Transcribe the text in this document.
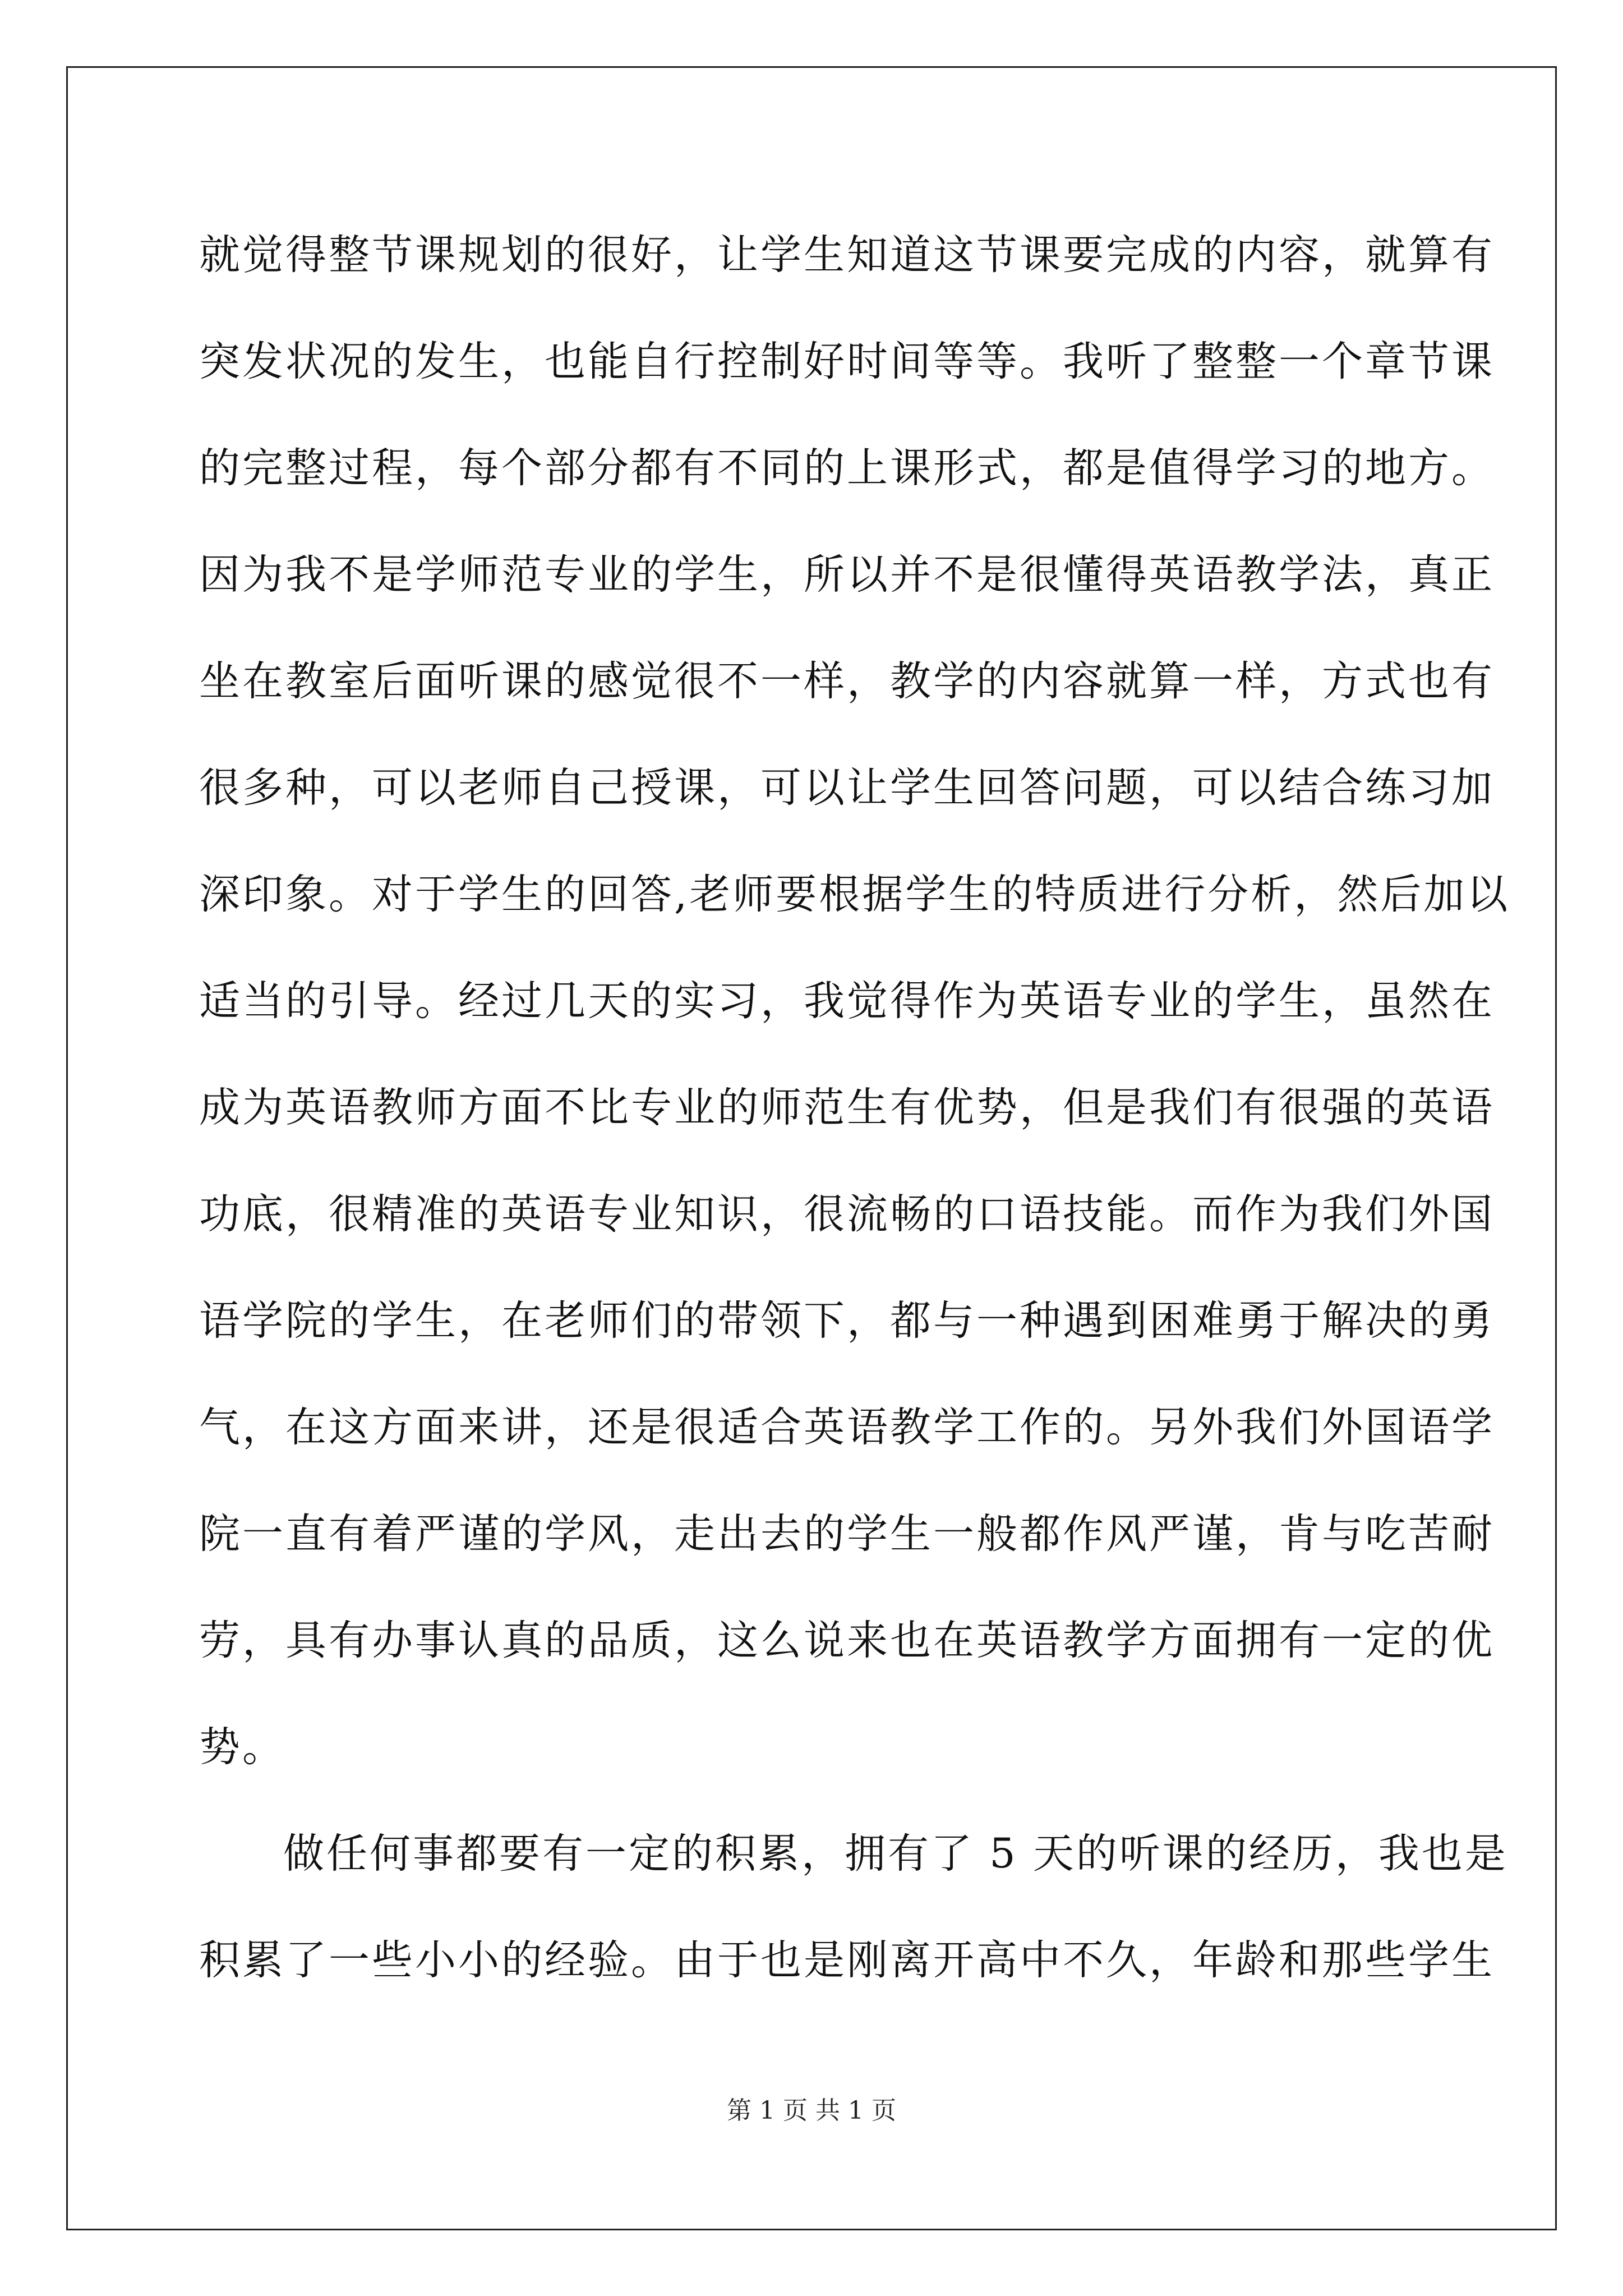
就觉得整节课规划的很好，让学生知道这节课要完成的内容，就算有
突发状况的发生，也能自行控制好时间等等。我听了整整一个章节课
的完整过程，每个部分都有不同的上课形式，都是值得学习的地方。
因为我不是学师范专业的学生，所以并不是很懂得英语教学法，真正
坐在教室后面听课的感觉很不一样，教学的内容就算一样，方式也有
很多种，可以老师自己授课，可以让学生回答问题，可以结合练习加
深印象。对于学生的回答,老师要根据学生的特质进行分析，然后加以
适当的引导。经过几天的实习，我觉得作为英语专业的学生，虽然在
成为英语教师方面不比专业的师范生有优势，但是我们有很强的英语
功底，很精准的英语专业知识，很流畅的口语技能。而作为我们外国
语学院的学生，在老师们的带领下，都与一种遇到困难勇于解决的勇
气，在这方面来讲，还是很适合英语教学工作的。另外我们外国语学
院一直有着严谨的学风，走出去的学生一般都作风严谨，肯与吃苦耐
劳，具有办事认真的品质，这么说来也在英语教学方面拥有一定的优
势。
做任何事都要有一定的积累，拥有了 5 天的听课的经历，我也是
积累了一些小小的经验。由于也是刚离开高中不久，年龄和那些学生
第 1 页 共 1 页
